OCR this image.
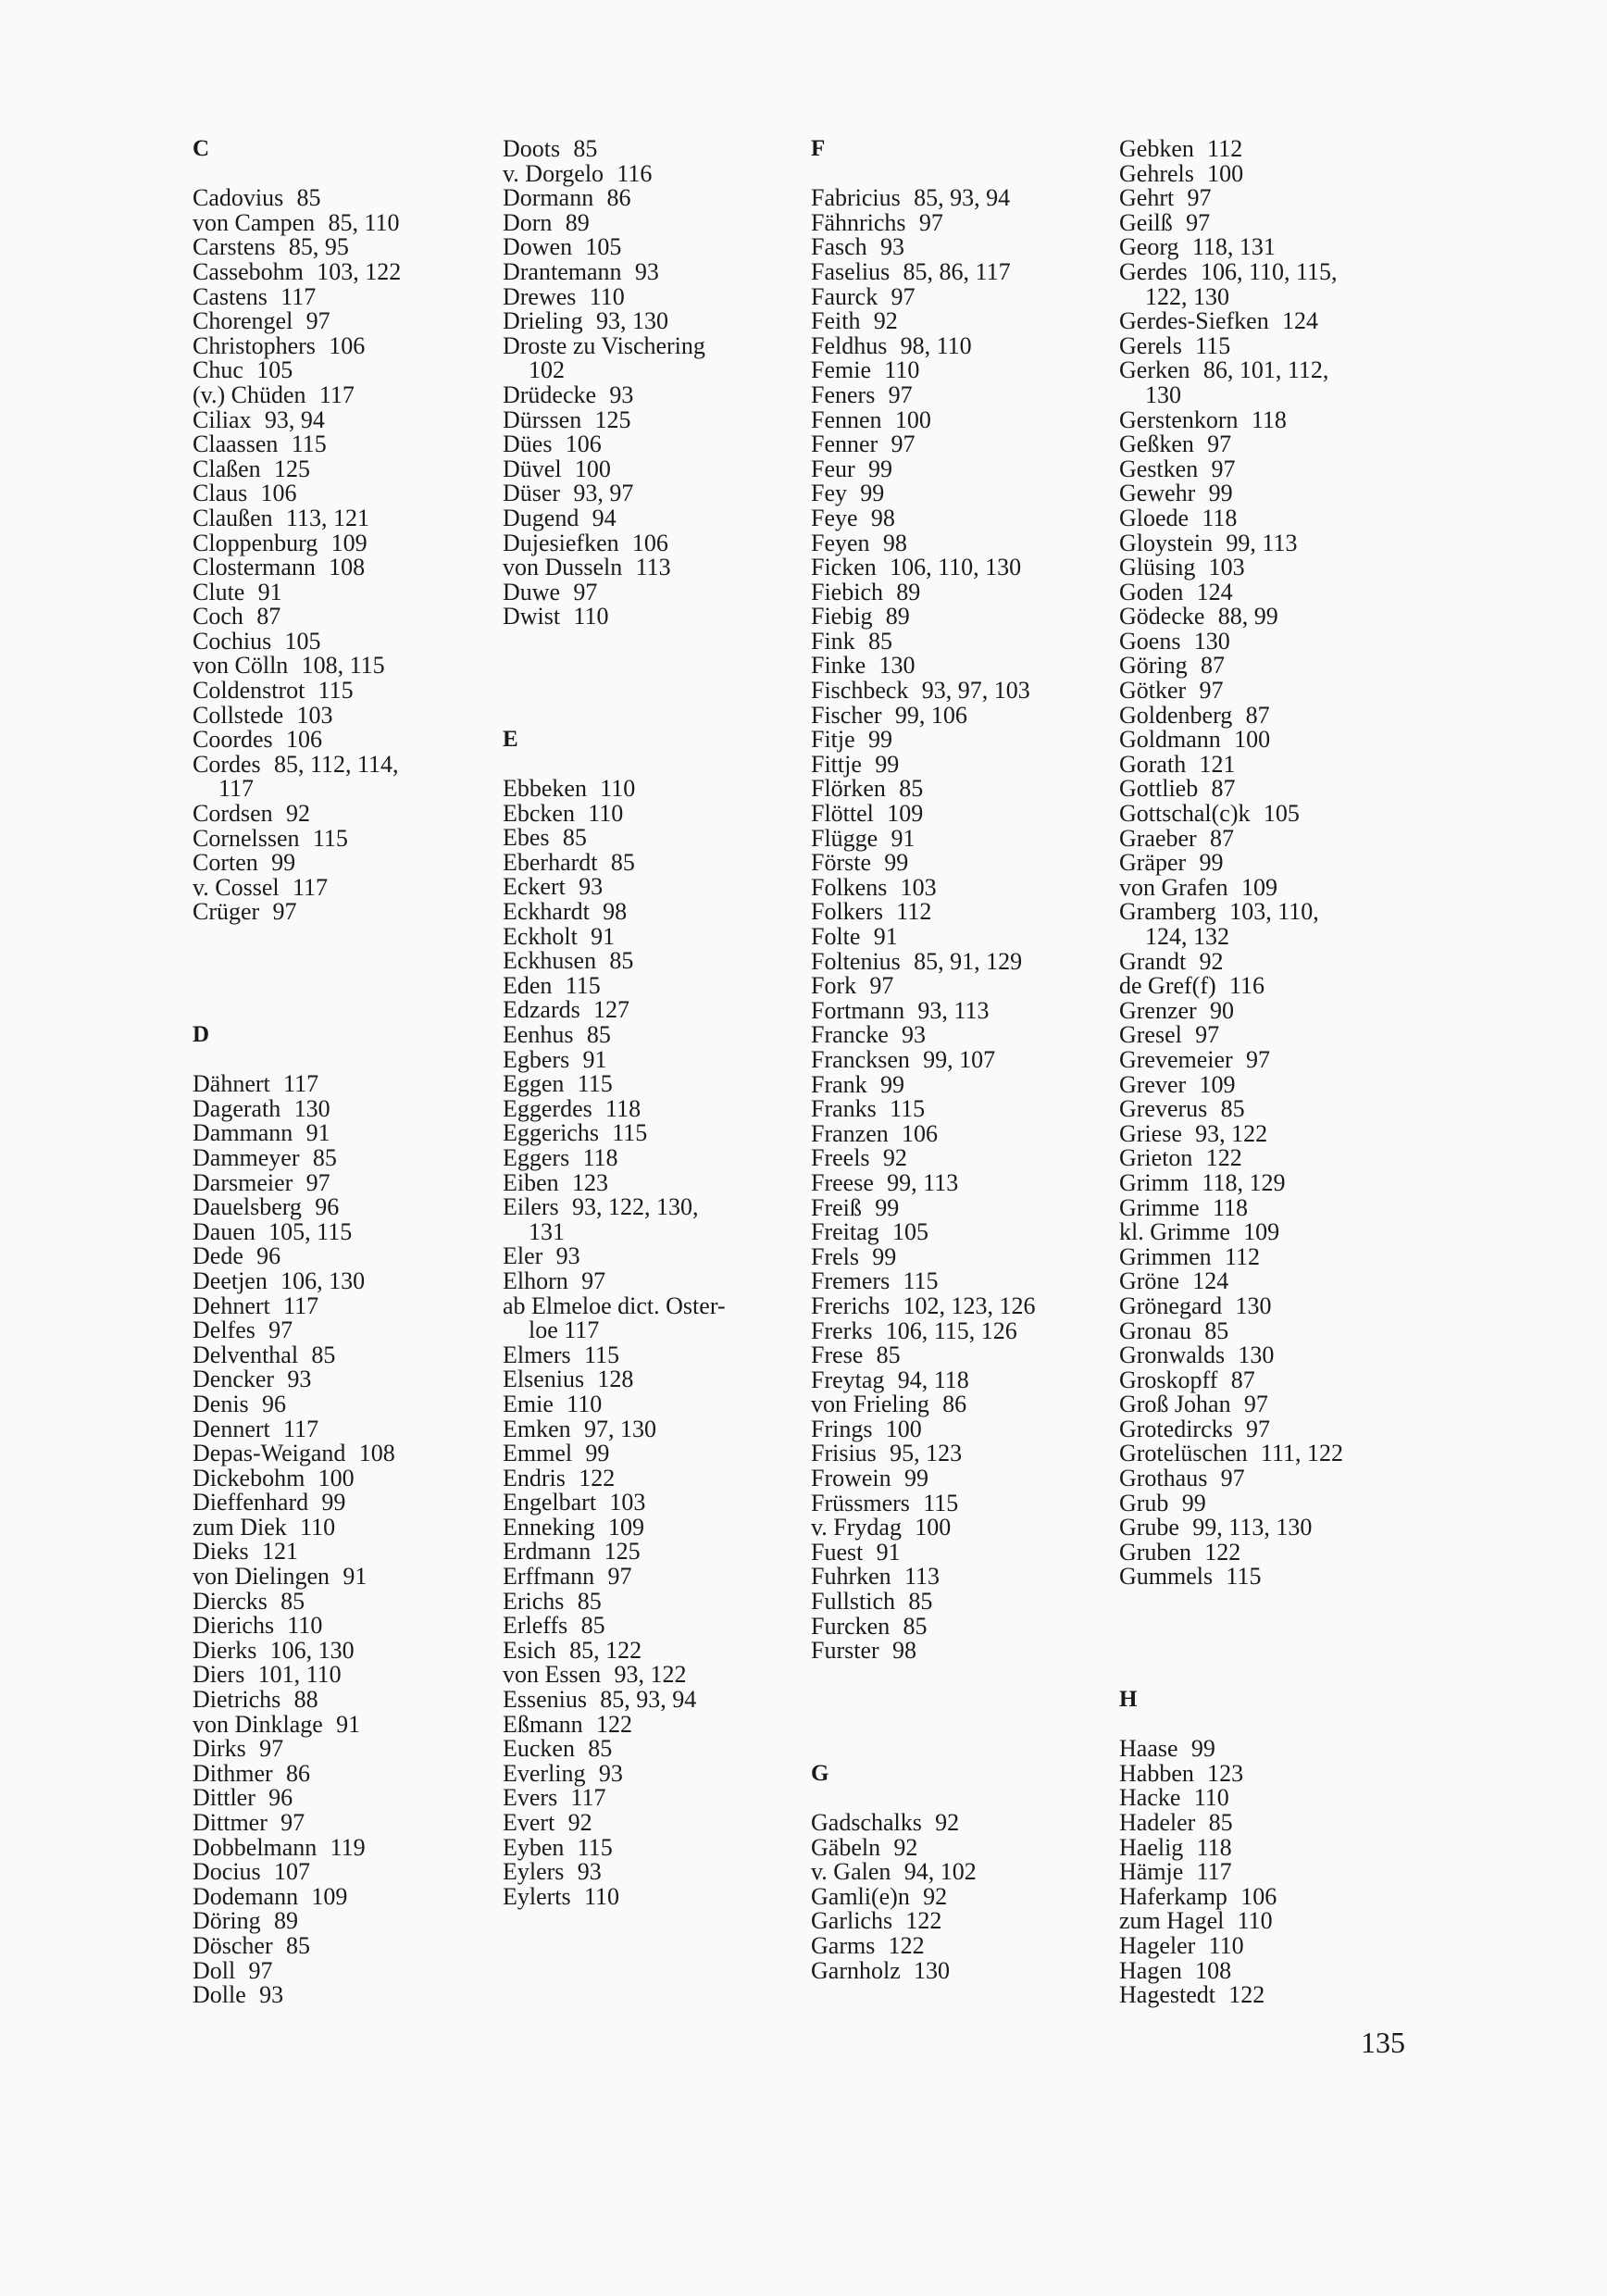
C
Cadovius 85
von Campen 85, 110
Carstens 85, 95
Cassebohm 103, 122
Castens 117
Chorengel 97
Christophers 106
Chuc 105
(v.) Chüden 117
Ciliax 93, 94
Claassen 115
Claßen 125
Claus 106
Claußen 113, 121
Cloppenburg 109
Clostermann 108
Clute 91
Coch 87
Cochius 105
von Cölln 108, 115
Coldenstrot 115
Collstede 103
Coordes 106
Cordes 85, 112, 114,
117
Cordsen 92
Cornelssen 115
Corten 99
v. Cossel 117
Crüger 97
D
Dähnert 117
Dagerath 130
Dammann 91
Dammeyer 85
Darsmeier 97
Dauelsberg 96
Dauen 105, 115
Dede 96
Deetjen 106, 130
Dehnert 117
Delfes 97
Delventhal 85
Dencker 93
Denis 96
Dennert 117
Depas-Weigand 108
Dickebohm 100
Dieffenhard 99
zum Diek 110
Dieks 121
von Dielingen 91
Diercks 85
Dierichs 110
Dierks 106, 130
Diers 101, 110
Dietrichs 88
von Dinklage 91
Dirks 97
Dithmer 86
Dittler 96
Dittmer 97
Dobbelmann 119
Docius 107
Dodemann 109
Döring 89
Döscher 85
Doll 97
Dolle 93
Doots 85
v. Dorgelo 116
Dormann 86
Dorn 89
Dowen 105
Drantemann 93
Drewes 110
Drieling 93, 130
Droste zu Vischering
102
Drüdecke 93
Dürssen 125
Dües 106
Düvel 100
Düser 93, 97
Dugend 94
Dujesiefken 106
von Dusseln 113
Duwe 97
Dwist 110
E
Ebbeken 110
Ebcken 110
Ebes 85
Eberhardt 85
Eckert 93
Eckhardt 98
Eckholt 91
Eckhusen 85
Eden 115
Edzards 127
Eenhus 85
Egbers 91
Eggen 115
Eggerdes 118
Eggerichs 115
Eggers 118
Eiben 123
Eilers 93, 122, 130,
131
Eler 93
Elhorn 97
ab Elmeloe dict. Oster-
loe 117
Elmers 115
Elsenius 128
Emie 110
Emken 97, 130
Emmel 99
Endris 122
Engelbart 103
Enneking 109
Erdmann 125
Erffmann 97
Erichs 85
Erleffs 85
Esich 85, 122
von Essen 93, 122
Essenius 85, 93, 94
Eßmann 122
Eucken 85
Everling 93
Evers 117
Evert 92
Eyben 115
Eylers 93
Eylerts 110
F
Fabricius 85, 93, 94
Fähnrichs 97
Fasch 93
Faselius 85, 86, 117
Faurck 97
Feith 92
Feldhus 98, 110
Femie 110
Feners 97
Fennen 100
Fenner 97
Feur 99
Fey 99
Feye 98
Feyen 98
Ficken 106, 110, 130
Fiebich 89
Fiebig 89
Fink 85
Finke 130
Fischbeck 93, 97, 103
Fischer 99, 106
Fitje 99
Fittje 99
Flörken 85
Flöttel 109
Flügge 91
Förste 99
Folkens 103
Folkers 112
Folte 91
Foltenius 85, 91, 129
Fork 97
Fortmann 93, 113
Francke 93
Francksen 99, 107
Frank 99
Franks 115
Franzen 106
Freels 92
Freese 99, 113
Freiß 99
Freitag 105
Frels 99
Fremers 115
Frerichs 102, 123, 126
Frerks 106, 115, 126
Frese 85
Freytag 94, 118
von Frieling 86
Frings 100
Frisius 95, 123
Frowein 99
Früssmers 115
v. Frydag 100
Fuest 91
Fuhrken 113
Fullstich 85
Furcken 85
Furster 98
G
Gadschalks 92
Gäbeln 92
v. Galen 94, 102
Gamli(e)n 92
Garlichs 122
Garms 122
Garnholz 130
Gebken 112
Gehrels 100
Gehrt 97
Geilß 97
Georg 118, 131
Gerdes 106, 110, 115,
122, 130
Gerdes-Siefken 124
Gerels 115
Gerken 86, 101, 112,
130
Gerstenkorn 118
Geßken 97
Gestken 97
Gewehr 99
Gloede 118
Gloystein 99, 113
Glüsing 103
Goden 124
Gödecke 88, 99
Goens 130
Göring 87
Götker 97
Goldenberg 87
Goldmann 100
Gorath 121
Gottlieb 87
Gottschal(c)k 105
Graeber 87
Gräper 99
von Grafen 109
Gramberg 103, 110,
124, 132
Grandt 92
de Gref(f) 116
Grenzer 90
Gresel 97
Grevemeier 97
Grever 109
Greverus 85
Griese 93, 122
Grieton 122
Grimm 118, 129
Grimme 118
kl. Grimme 109
Grimmen 112
Gröne 124
Grönegard 130
Gronau 85
Gronwalds 130
Groskopff 87
Groß Johan 97
Grotedircks 97
Grotelüschen 111, 122
Grothaus 97
Grub 99
Grube 99, 113, 130
Gruben 122
Gummels 115
H
Haase 99
Habben 123
Hacke 110
Hadeler 85
Haelig 118
Hämje 117
Haferkamp 106
zum Hagel 110
Hageler 110
Hagen 108
Hagestedt 122
135
